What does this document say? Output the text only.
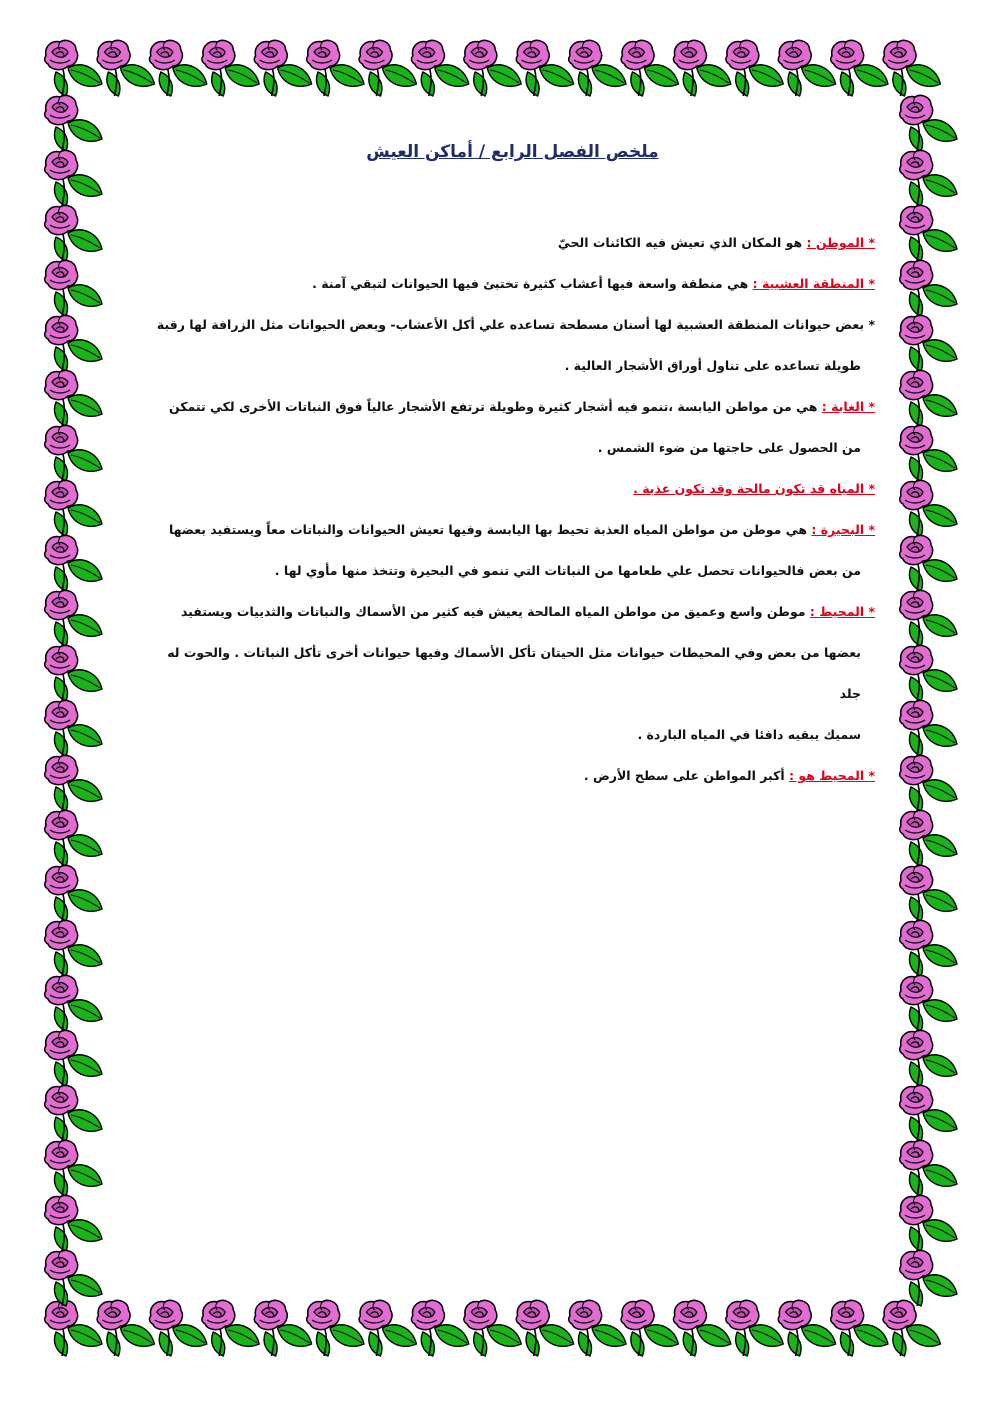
ملخص الفصل الرابع / أماكن العيش
* الموطن : هو المكان الذي تعيش فيه الكائنات الحيّ
* المنطقة العشبية : هي منطقة واسعة فيها أعشاب كثيرة تختبئ فيها الحيوانات لتبقي آمنة .
* بعض حيوانات المنطقة العشبية لها أسنان مسطحة تساعده علي أكل الأعشاب- وبعض الحيوانات مثل الزرافة لها رقبة
طويلة تساعده على تناول أوراق الأشجار العالية .
* الغابة : هي من مواطن اليابسة ،تنمو فيه أشجار كثيرة وطويلة ترتفع الأشجار عالياً فوق النباتات الأخرى لكي تتمكن
من الحصول على حاجتها من ضوء الشمس .
* المياه قد تكون مالحة وقد تكون عذبة .
* البحيرة : هي موطن من مواطن المياه العذبة تحيط بها اليابسة وفيها تعيش الحيوانات والنباتات معاً ويستفيد بعضها
من بعض فالحيوانات تحصل علي طعامها من النباتات التي تنمو في البحيرة وتتخذ منها مأوي لها .
* المحيط : موطن واسع وعميق من مواطن المياه المالحة يعيش فيه كثير من الأسماك والنباتات والثدييات ويستفيد
بعضها من بعض وفي المحيطات حيوانات مثل الحيتان تأكل الأسماك وفيها حيوانات أخرى تأكل النباتات . والحوت له جلد
سميك يبقيه دافئا في المياه الباردة .
* المحيط هو : أكبر المواطن على سطح الأرض .
